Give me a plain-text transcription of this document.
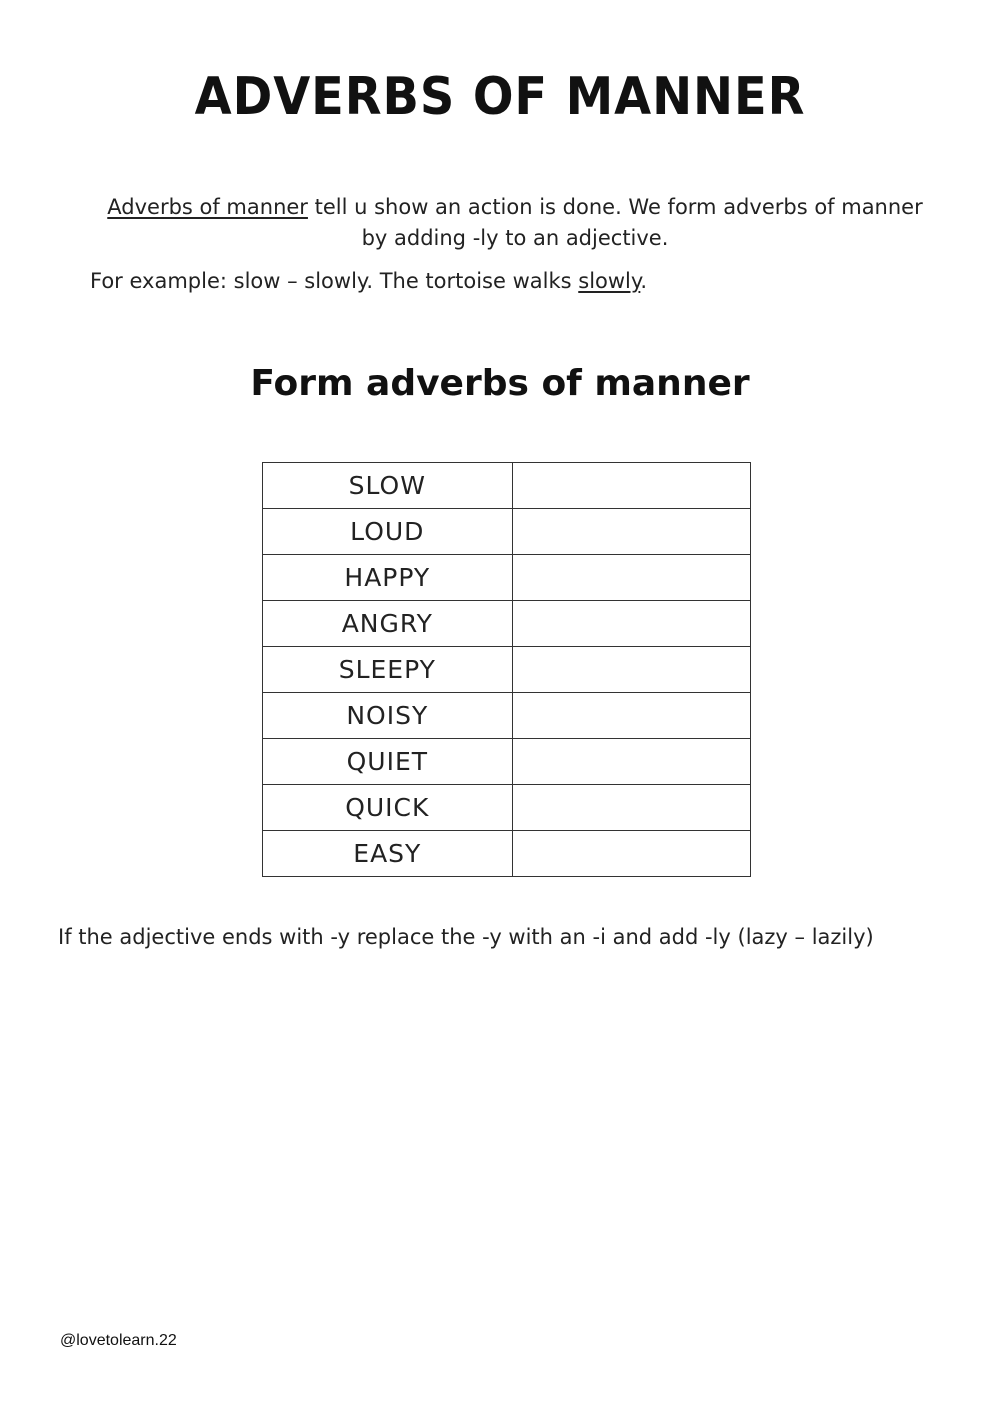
ADVERBS OF MANNER

Adverbs of manner tell u show an action is done. We form adverbs of manner
by adding -ly to an adjective.

For example: slow – slowly. The tortoise walks slowly.

Form adverbs of manner
SLOW	
LOUD	
HAPPY	
ANGRY	
SLEEPY	
NOISY	
QUIET	
QUICK	
EASY	

If the adjective ends with -y replace the -y with an -i and add -ly (lazy – lazily)

@lovetolearn.22
